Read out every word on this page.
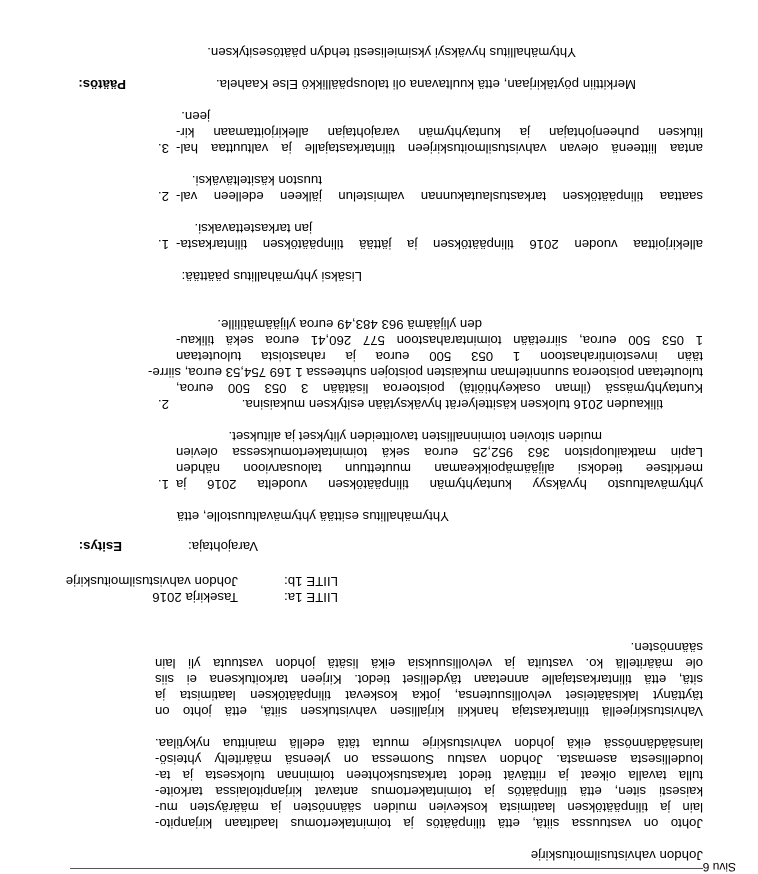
Sivu 6
Johdon vahvistusilmoituskirje
Johto on vastuussa siitä, että tilinpäätös ja toimintakertomus laaditaan kirjanpito-
lain ja tilinpäätöksen laatimista koskevien muiden säännösten ja määräysten mu-
kaisesti siten, että tilinpäätös ja toimintakertomus antavat kirjanpitolaissa tarkoite-
tulla tavalla oikeat ja riittävät tiedot tarkastuskohteen toiminnan tuloksesta ja ta-
loudellisesta asemasta. Johdon vastuu Suomessa on yleensä määritelty yhteisö-
lainsäädännössä eikä johdon vahvistuskirje muuta tätä edellä mainittua nykytilaa.
Vahvistuskirjeellä tilintarkastaja hankkii kirjallisen vahvistuksen siitä, että johto on
täyttänyt lakisääteiset velvollisuutensa, jotka koskevat tilinpäätöksen laatimista ja
sitä, että tilintarkastajalle annetaan täydelliset tiedot. Kirjeen tarkoituksena ei siis
ole määritellä ko. vastuita ja velvollisuuksia eikä lisätä johdon vastuuta yli lain
säännösten.
LIITE 1a:
Tasekirja 2016
LIITE 1b:
Johdon vahvistusilmoituskirje
Esitys:	Varajohtaja:
Yhtymähallitus esittää yhtymävaltuustolle, että
1. yhtymävaltuusto hyväksyy kuntayhtymän tilinpäätöksen vuodelta 2016 ja
merkitsee tiedoksi alijäämäpoikkeaman muutettuun talousarvioon nähden
Lapin matkailuopiston 363 952,25 euroa sekä toimintakertomuksessa olevien
muiden sitovien toiminnallisten tavoitteiden ylitykset ja alitukset.
2.	tilikauden 2016 tuloksen käsittelyerät hyväksytään esityksen mukaisina.
Kuntayhtymässä (ilman osakeyhtiöitä) poistoeroa lisätään 3 053 500 euroa,
tuloutetaan poistoeroa suunnitelman mukaisten poistojen suhteessa 1 169 754,53 euroa, siirre-
tään investointirahastoon 1 053 500 euroa ja rahastoista tuloutetaan
1 053 500 euroa, siirretään toimintarahastoon 577 260,41 euroa sekä tilikau-
den ylijäämä 963 483,49 euroa ylijäämätilille.
Lisäksi yhtymähallitus päättää:
1. allekirjoittaa vuoden 2016 tilinpäätöksen ja jättää tilinpäätöksen tilintarkasta-
jan tarkastettavaksi.
2. saattaa tilinpäätöksen tarkastuslautakunnan valmistelun jälkeen edelleen val-
tuuston käsiteltäväksi.
3. antaa liitteenä olevan vahvistusilmoituskirjeen tilintarkastajalle ja valtuuttaa hal-
lituksen puheenjohtajan ja kuntayhtymän varajohtajan allekirjoittamaan kir-
jeen.
Päätös:	Merkittiin pöytäkirjaan, että kuultavana oli talouspäällikkö Else Kaahela.
Yhtymähallitus hyväksyi yksimielisesti tehdyn päätösesityksen.
